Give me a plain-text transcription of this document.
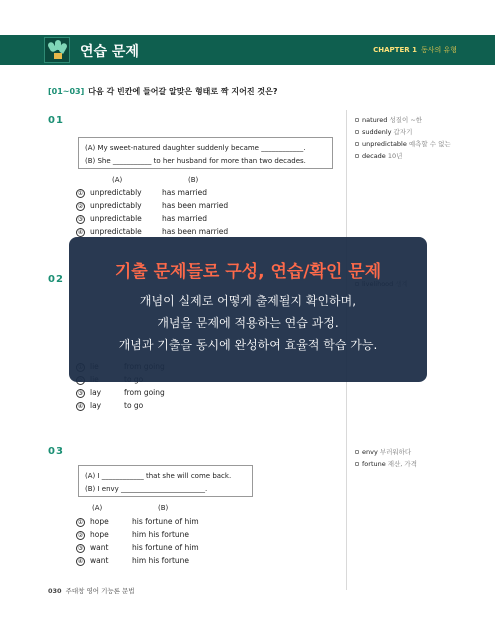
연습 문제	CHAPTER 1 동사의 유형
[01~03] 다음 각 빈칸에 들어갈 알맞은 형태로 짝 지어진 것은?
01
(A) My sweet-natured daughter suddenly became ____________.
(B) She ___________ to her husband for more than two decades.
(A)	(B)
① unpredictably	has married
② unpredictably	has been married
③ unpredictable	has married
④ unpredictable	has been married
natured 성질이 ~한
suddenly 갑자기
unpredictable 예측할 수 없는
decade 10년
02
③ lay	from going
④ lay	to go
기출 문제들로 구성, 연습/확인 문제
개념이 실제로 어떻게 출제될지 확인하며,
개념을 문제에 적용하는 연습 과정.
개념과 기출을 동시에 완성하여 효율적 학습 가능.
03
(A) I ____________ that she will come back.
(B) I envy ________________________.
(A)	(B)
① hope	his fortune of him
② hope	him his fortune
③ want	his fortune of him
④ want	him his fortune
envy 부러워하다
fortune 재산, 가격
030 주대창 영어 기능론 문법
